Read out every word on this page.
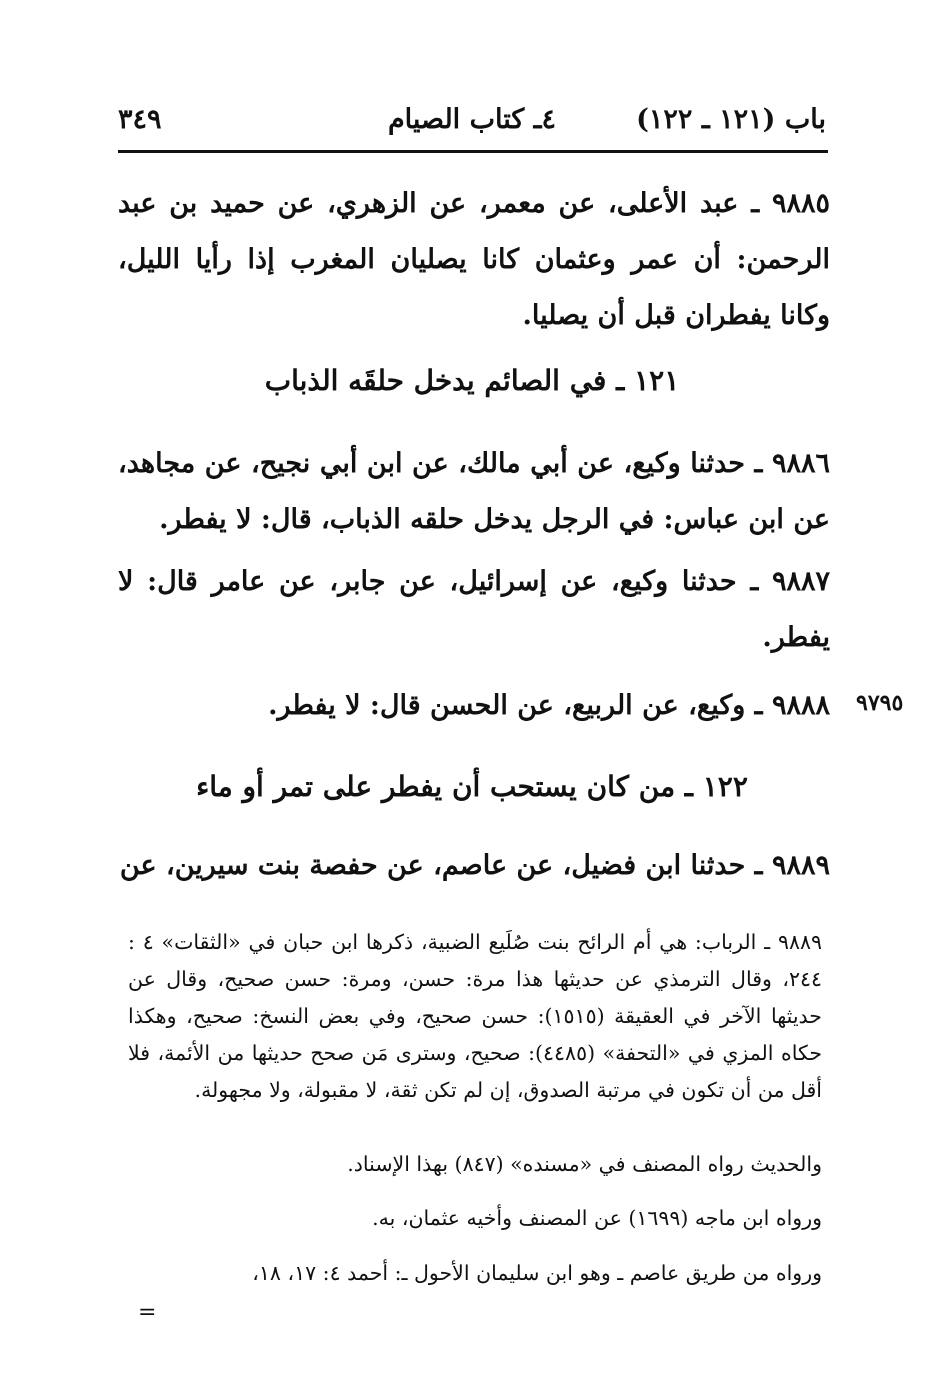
باب (١٢١ ـ ١٢٢)
٤ـ كتاب الصيام
٣٤٩
٩٨٨٥ ـ عبد الأعلى، عن معمر، عن الزهري، عن حميد بن عبد الرحمن: أن عمر وعثمان كانا يصليان المغرب إذا رأيا الليل، وكانا يفطران قبل أن يصليا.
١٢١ ـ في الصائم يدخل حلقَه الذباب
٩٨٨٦ ـ حدثنا وكيع، عن أبي مالك، عن ابن أبي نجيح، عن مجاهد، عن ابن عباس: في الرجل يدخل حلقه الذباب، قال: لا يفطر.
٩٨٨٧ ـ حدثنا وكيع، عن إسرائيل، عن جابر، عن عامر قال: لا يفطر.
٩٧٩٥
٩٨٨٨ ـ وكيع، عن الربيع، عن الحسن قال: لا يفطر.
١٢٢ ـ من كان يستحب أن يفطر على تمر أو ماء
٩٨٨٩ ـ حدثنا ابن فضيل، عن عاصم، عن حفصة بنت سيرين، عن
٩٨٨٩ ـ الرباب: هي أم الرائح بنت صُلَيع الضبية، ذكرها ابن حبان في «الثقات» ٤ : ٢٤٤، وقال الترمذي عن حديثها هذا مرة: حسن، ومرة: حسن صحيح، وقال عن حديثها الآخر في العقيقة (١٥١٥): حسن صحيح، وفي بعض النسخ: صحيح، وهكذا حكاه المزي في «التحفة» (٤٤٨٥): صحيح، وسترى مَن صحح حديثها من الأئمة، فلا أقل من أن تكون في مرتبة الصدوق، إن لم تكن ثقة، لا مقبولة، ولا مجهولة.
والحديث رواه المصنف في «مسنده» (٨٤٧) بهذا الإسناد.
ورواه ابن ماجه (١٦٩٩) عن المصنف وأخيه عثمان، به.
ورواه من طريق عاصم ـ وهو ابن سليمان الأحول ـ: أحمد ٤: ١٧، ١٨،
=
